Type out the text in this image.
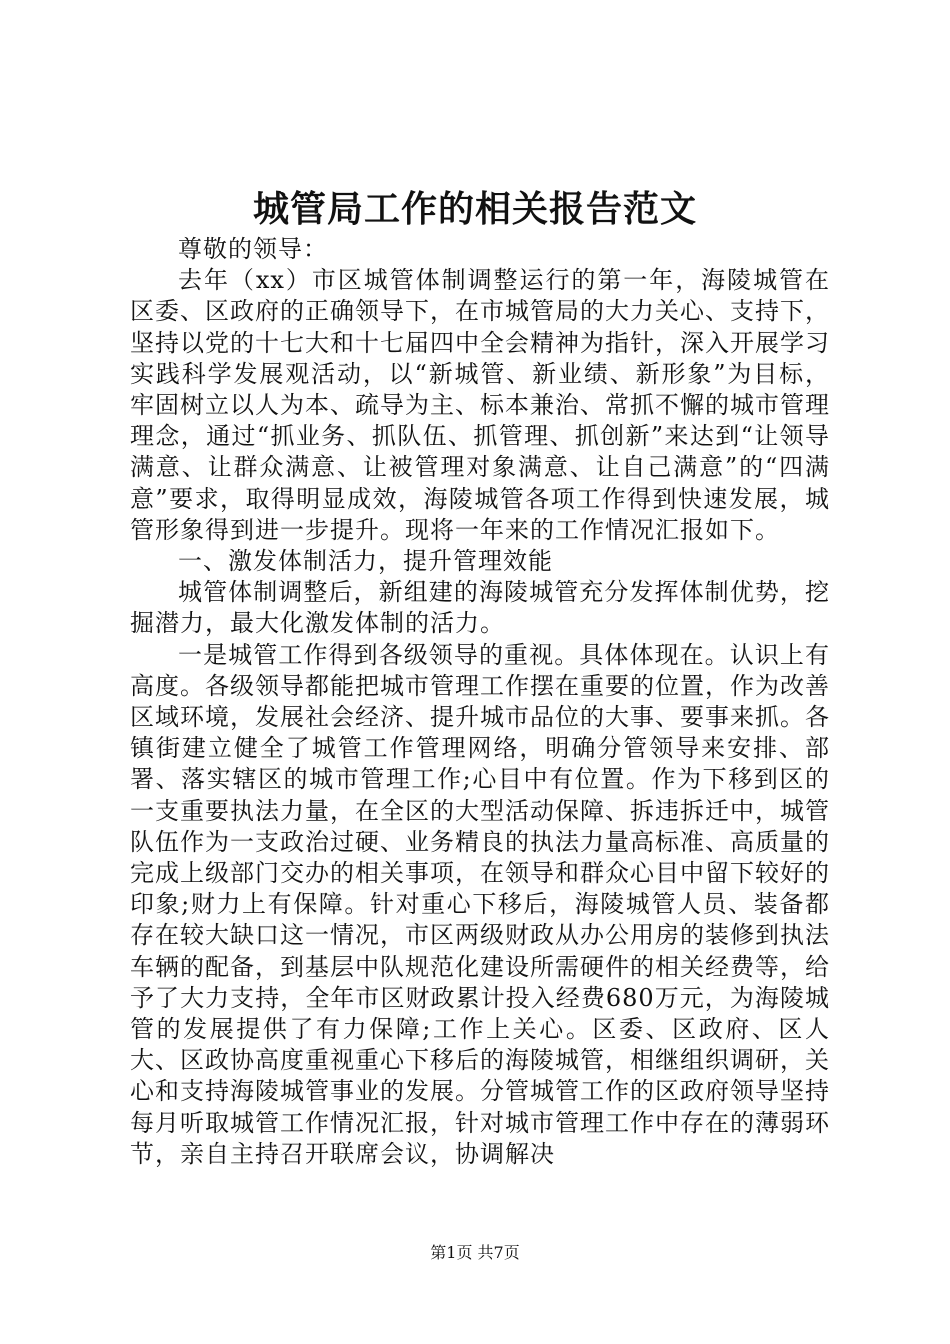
城管局工作的相关报告范文

尊敬的领导：

去年（xx）市区城管体制调整运行的第一年，海陵城管在区委、区政府的正确领导下，在市城管局的大力关心、支持下，坚持以党的十七大和十七届四中全会精神为指针，深入开展学习实践科学发展观活动，以“新城管、新业绩、新形象”为目标，牢固树立以人为本、疏导为主、标本兼治、常抓不懈的城市管理理念，通过“抓业务、抓队伍、抓管理、抓创新”来达到“让领导满意、让群众满意、让被管理对象满意、让自己满意”的“四满意”要求，取得明显成效，海陵城管各项工作得到快速发展，城管形象得到进一步提升。现将一年来的工作情况汇报如下。

一、激发体制活力，提升管理效能

城管体制调整后，新组建的海陵城管充分发挥体制优势，挖掘潜力，最大化激发体制的活力。

一是城管工作得到各级领导的重视。具体体现在。认识上有高度。各级领导都能把城市管理工作摆在重要的位置，作为改善区域环境，发展社会经济、提升城市品位的大事、要事来抓。各镇街建立健全了城管工作管理网络，明确分管领导来安排、部署、落实辖区的城市管理工作;心目中有位置。作为下移到区的一支重要执法力量，在全区的大型活动保障、拆违拆迁中，城管队伍作为一支政治过硬、业务精良的执法力量高标准、高质量的完成上级部门交办的相关事项，在领导和群众心目中留下较好的印象;财力上有保障。针对重心下移后，海陵城管人员、装备都存在较大缺口这一情况，市区两级财政从办公用房的装修到执法车辆的配备，到基层中队规范化建设所需硬件的相关经费等，给予了大力支持，全年市区财政累计投入经费680万元，为海陵城管的发展提供了有力保障;工作上关心。区委、区政府、区人大、区政协高度重视重心下移后的海陵城管，相继组织调研，关心和支持海陵城管事业的发展。分管城管工作的区政府领导坚持每月听取城管工作情况汇报，针对城市管理工作中存在的薄弱环节，亲自主持召开联席会议，协调解决

第1页 共7页
